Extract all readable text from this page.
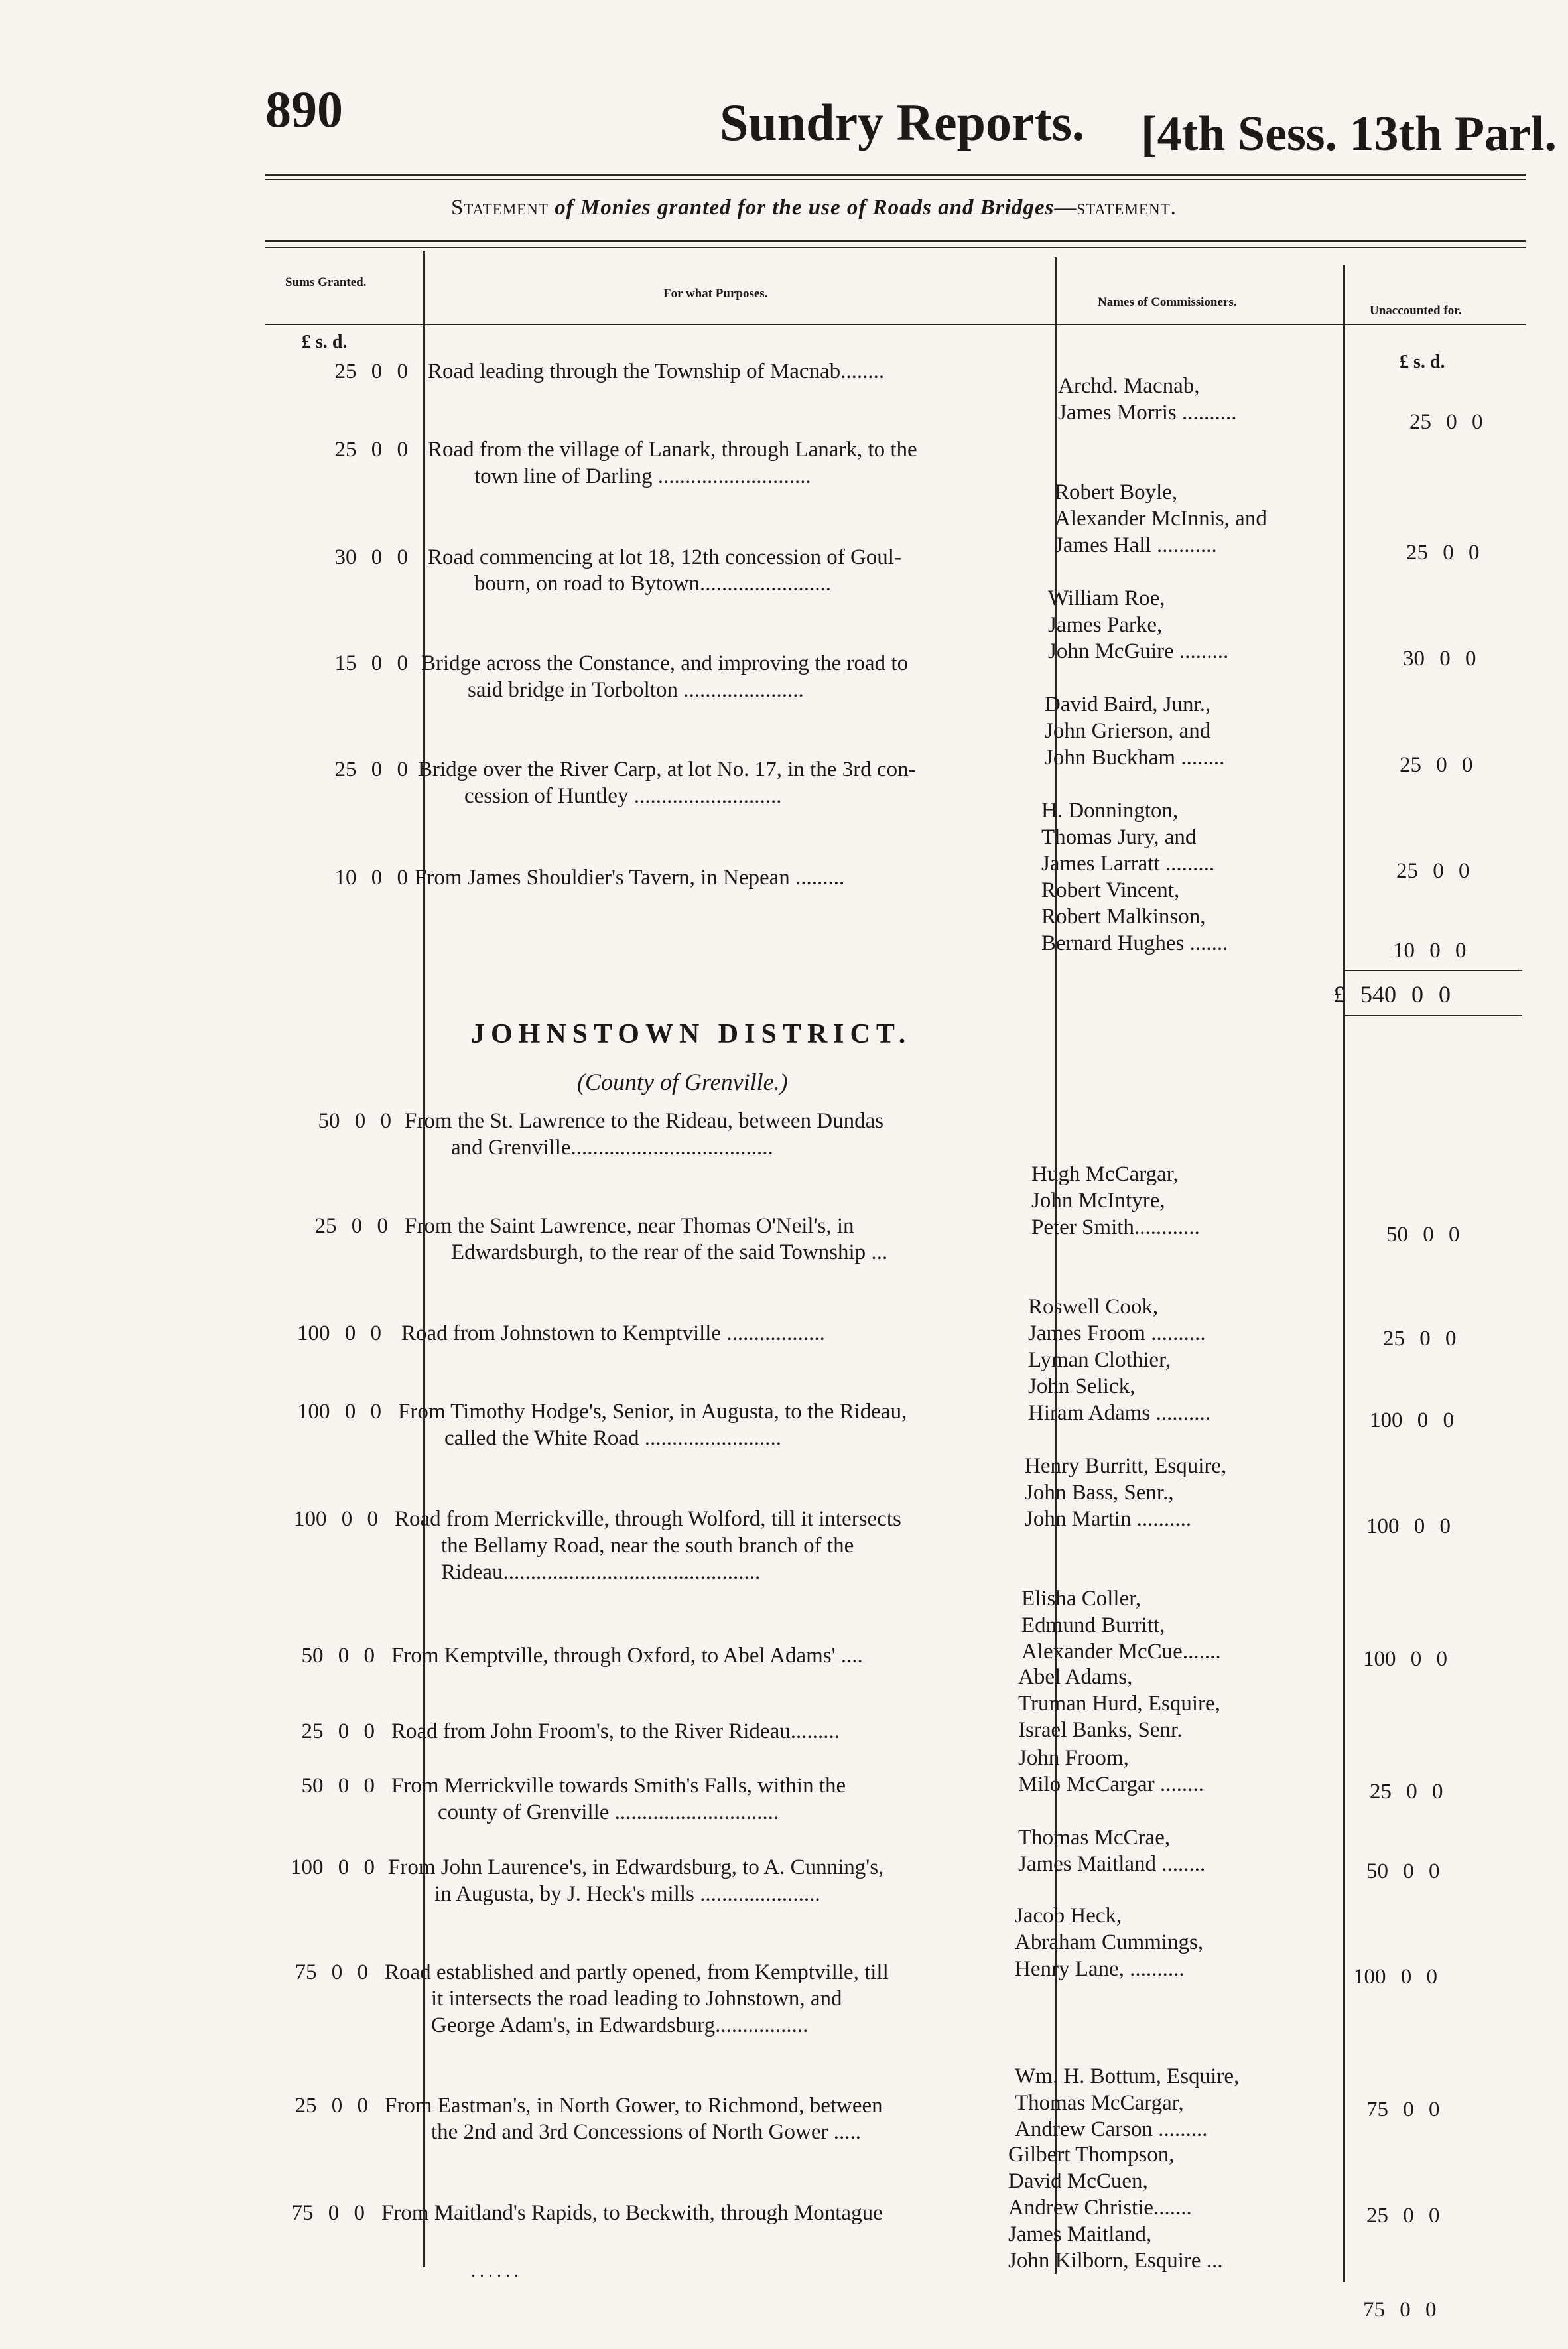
890	Sundry Reports. [4th Sess. 13th Parl.
Statement of Monies granted for the use of Roads and Bridges—statement.
Sums Granted.
For what Purposes.
Names of Commissioners.
Unaccounted for.
£ s. d.
£ s. d.
£ 540 0 0
JOHNSTOWN DISTRICT.
(County of Grenville.)
25 0 0
25 0 0
30 0 0
15 0 0
25 0 0
10 0 0
50 0 0
25 0 0
100 0 0
100 0 0
100 0 0
50 0 0
25 0 0
50 0 0
100 0 0
75 0 0
25 0 0
75 0 0
Road leading through the Township of Macnab........
Road from the village of Lanark, through Lanark, to the
town line of Darling ............................
Road commencing at lot 18, 12th concession of Goul-
bourn, on road to Bytown........................
Bridge across the Constance, and improving the road to
said bridge in Torbolton ......................
Bridge over the River Carp, at lot No. 17, in the 3rd con-
cession of Huntley ...........................
From James Shouldier's Tavern, in Nepean .........
From the St. Lawrence to the Rideau, between Dundas
and Grenville.....................................
From the Saint Lawrence, near Thomas O'Neil's, in
Edwardsburgh, to the rear of the said Township ...
Road from Johnstown to Kemptville ..................
From Timothy Hodge's, Senior, in Augusta, to the Rideau,
called the White Road .........................
Road from Merrickville, through Wolford, till it intersects
the Bellamy Road, near the south branch of the
Rideau...............................................
From Kemptville, through Oxford, to Abel Adams' ....
Road from John Froom's, to the River Rideau.........
From Merrickville towards Smith's Falls, within the
county of Grenville ..............................
From John Laurence's, in Edwardsburg, to A. Cunning's,
in Augusta, by J. Heck's mills ......................
Road established and partly opened, from Kemptville, till
it intersects the road leading to Johnstown, and
George Adam's, in Edwardsburg.................
From Eastman's, in North Gower, to Richmond, between
the 2nd and 3rd Concessions of North Gower .....
From Maitland's Rapids, to Beckwith, through Montague
Archd. Macnab,
James Morris ..........
Robert Boyle,
Alexander McInnis, and
James Hall ...........
William Roe,
James Parke,
John McGuire .........
David Baird, Junr.,
John Grierson, and
John Buckham ........
H. Donnington,
Thomas Jury, and
James Larratt .........
Robert Vincent,
Robert Malkinson,
Bernard Hughes .......
Hugh McCargar,
John McIntyre,
Peter Smith............
Roswell Cook,
James Froom ..........
Lyman Clothier,
John Selick,
Hiram Adams ..........
Henry Burritt, Esquire,
John Bass, Senr.,
John Martin ..........
Elisha Coller,
Edmund Burritt,
Alexander McCue.......
Abel Adams,
Truman Hurd, Esquire,
Israel Banks, Senr.
John Froom,
Milo McCargar ........
Thomas McCrae,
James Maitland ........
Jacob Heck,
Abraham Cummings,
Henry Lane, ..........
Wm. H. Bottum, Esquire,
Thomas McCargar,
Andrew Carson .........
Gilbert Thompson,
David McCuen,
Andrew Christie.......
James Maitland,
John Kilborn, Esquire ...
25 0 0
25 0 0
30 0 0
25 0 0
25 0 0
10 0 0
50 0 0
25 0 0
100 0 0
100 0 0
100 0 0
25 0 0
50 0 0
100 0 0
75 0 0
25 0 0
75 0 0
......
